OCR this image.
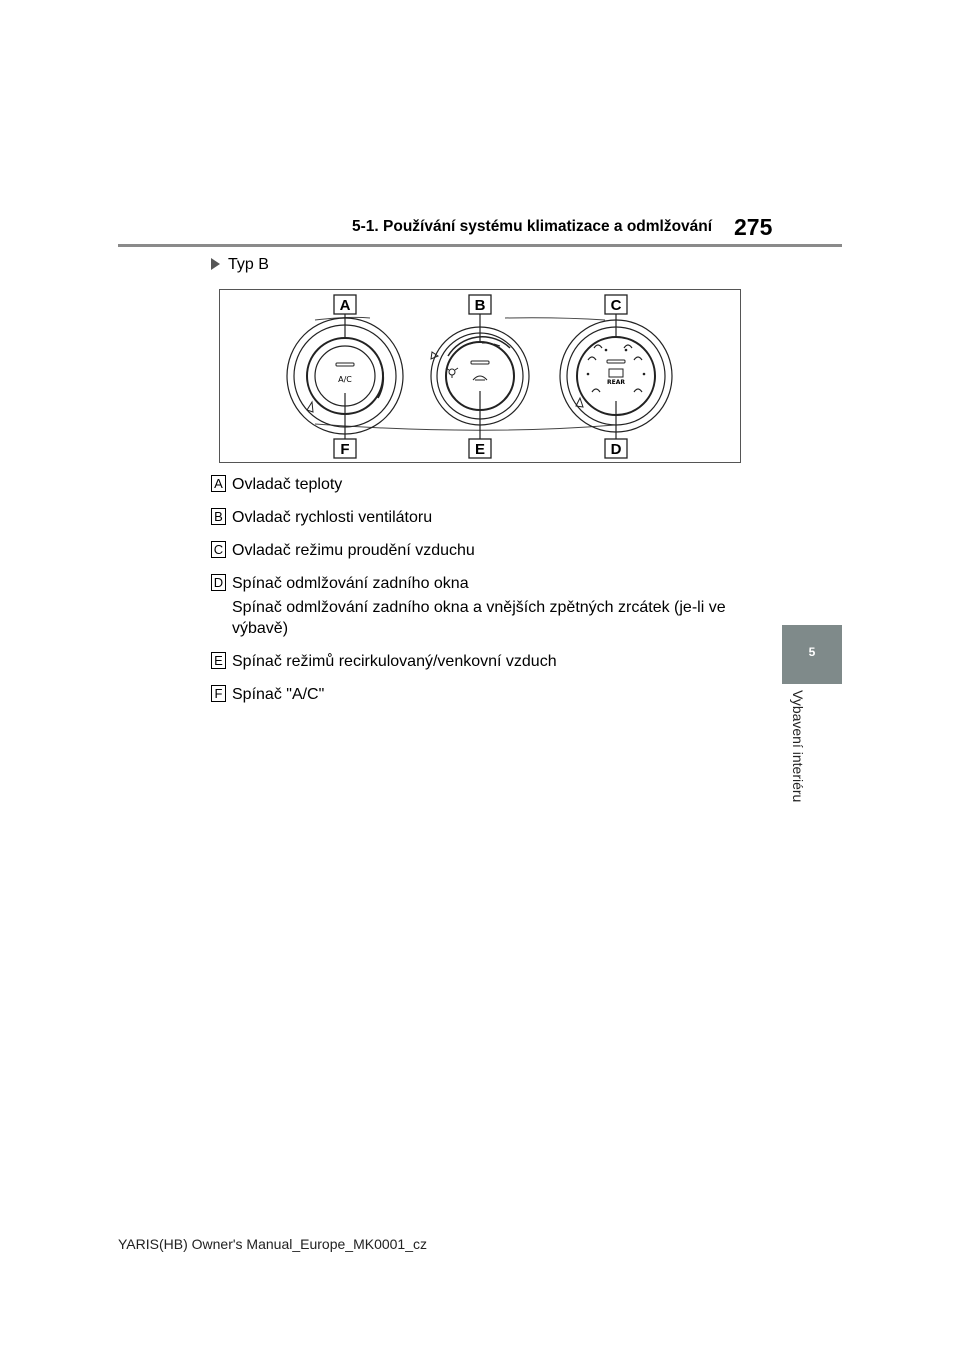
5-1. Používání systému klimatizace a odmlžování 275
5
Vybavení interiéru
Typ B
A/C	REAR
A	B	C
F	E	D
A Ovladač teploty
B Ovladač rychlosti ventilátoru
C Ovladač režimu proudění vzduchu
D Spínač odmlžování zadního okna
Spínač odmlžování zadního okna a vnějších zpětných zrcátek (je-li ve výbavě)
E Spínač režimů recirkulovaný/venkovní vzduch
F Spínač "A/C"
YARIS(HB) Owner's Manual_Europe_MK0001_cz
